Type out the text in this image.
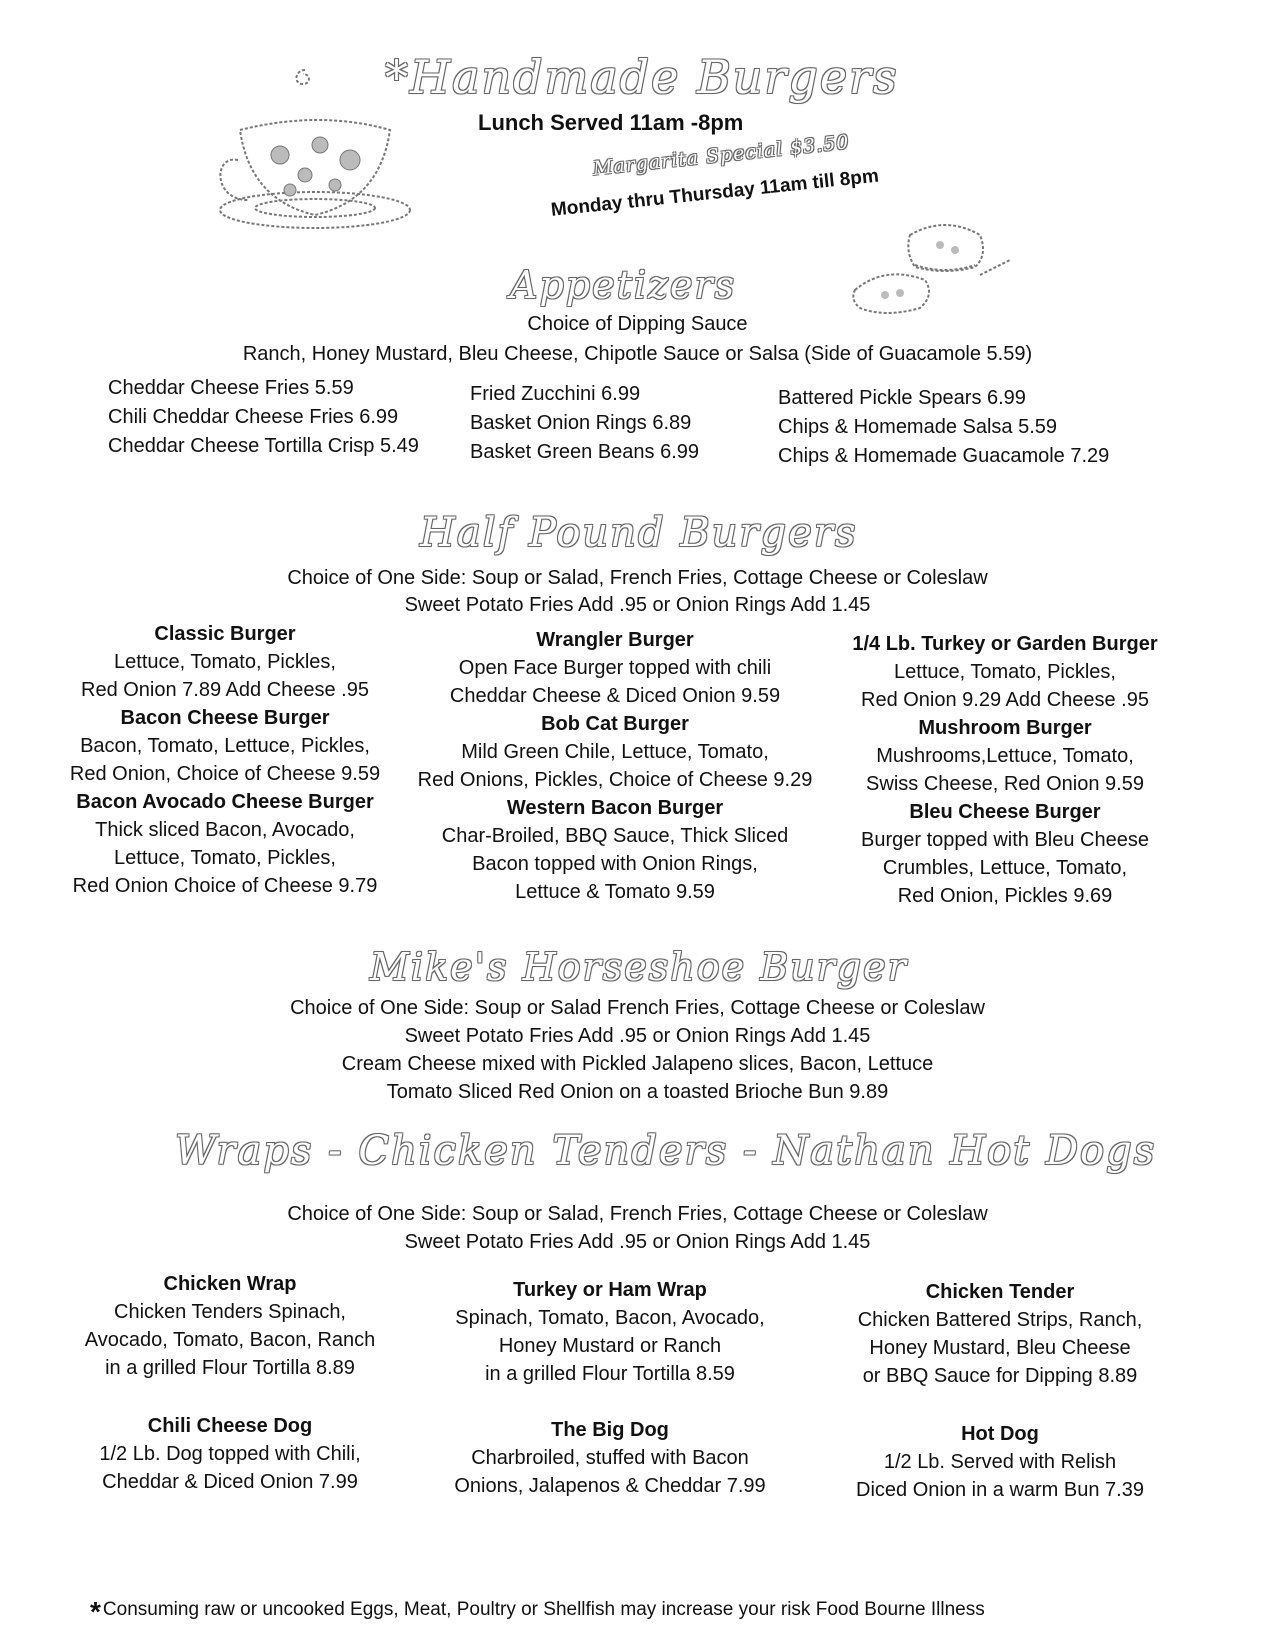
*Handmade Burgers
Lunch Served 11am -8pm
Margarita Special $3.50
Monday thru Thursday 11am till 8pm
Appetizers
Choice of Dipping Sauce
Ranch, Honey Mustard, Bleu Cheese, Chipotle Sauce or Salsa (Side of Guacamole 5.59)
Cheddar Cheese Fries 5.59
Chili Cheddar Cheese Fries 6.99
Cheddar Cheese Tortilla Crisp 5.49
Fried Zucchini 6.99
Basket Onion Rings 6.89
Basket Green Beans 6.99
Battered Pickle Spears 6.99
Chips & Homemade Salsa 5.59
Chips & Homemade Guacamole 7.29
Half Pound Burgers
Choice of One Side: Soup or Salad, French Fries, Cottage Cheese or Coleslaw
Sweet Potato Fries Add .95 or Onion Rings Add 1.45
Classic Burger
Lettuce, Tomato, Pickles,
Red Onion 7.89 Add Cheese .95
Bacon Cheese Burger
Bacon, Tomato, Lettuce, Pickles,
Red Onion, Choice of Cheese 9.59
Bacon Avocado Cheese Burger
Thick sliced Bacon, Avocado,
Lettuce, Tomato, Pickles,
Red Onion Choice of Cheese 9.79
Wrangler Burger
Open Face Burger topped with chili
Cheddar Cheese & Diced Onion 9.59
Bob Cat Burger
Mild Green Chile, Lettuce, Tomato,
Red Onions, Pickles, Choice of Cheese 9.29
Western Bacon Burger
Char-Broiled, BBQ Sauce, Thick Sliced
Bacon topped with Onion Rings,
Lettuce & Tomato 9.59
1/4 Lb. Turkey or Garden Burger
Lettuce, Tomato, Pickles,
Red Onion 9.29 Add Cheese .95
Mushroom Burger
Mushrooms,Lettuce, Tomato,
Swiss Cheese, Red Onion 9.59
Bleu Cheese Burger
Burger topped with Bleu Cheese
Crumbles, Lettuce, Tomato,
Red Onion, Pickles 9.69
Mike's Horseshoe Burger
Choice of One Side: Soup or Salad French Fries, Cottage Cheese or Coleslaw
Sweet Potato Fries Add .95 or Onion Rings Add 1.45
Cream Cheese mixed with Pickled Jalapeno slices, Bacon, Lettuce
Tomato Sliced Red Onion on a toasted Brioche Bun 9.89
Wraps - Chicken Tenders - Nathan Hot Dogs
Choice of One Side: Soup or Salad, French Fries, Cottage Cheese or Coleslaw
Sweet Potato Fries Add .95 or Onion Rings Add 1.45
Chicken Wrap
Chicken Tenders Spinach,
Avocado, Tomato, Bacon, Ranch
in a grilled Flour Tortilla 8.89
Turkey or Ham Wrap
Spinach, Tomato, Bacon, Avocado,
Honey Mustard or Ranch
in a grilled Flour Tortilla 8.59
Chicken Tender
Chicken Battered Strips, Ranch,
Honey Mustard, Bleu Cheese
or BBQ Sauce for Dipping 8.89
Chili Cheese Dog
1/2 Lb. Dog topped with Chili,
Cheddar & Diced Onion 7.99
The Big Dog
Charbroiled, stuffed with Bacon
Onions, Jalapenos & Cheddar 7.99
Hot Dog
1/2 Lb. Served with Relish
Diced Onion in a warm Bun 7.39
* Consuming raw or uncooked Eggs, Meat, Poultry or Shellfish may increase your risk Food Bourne Illness
